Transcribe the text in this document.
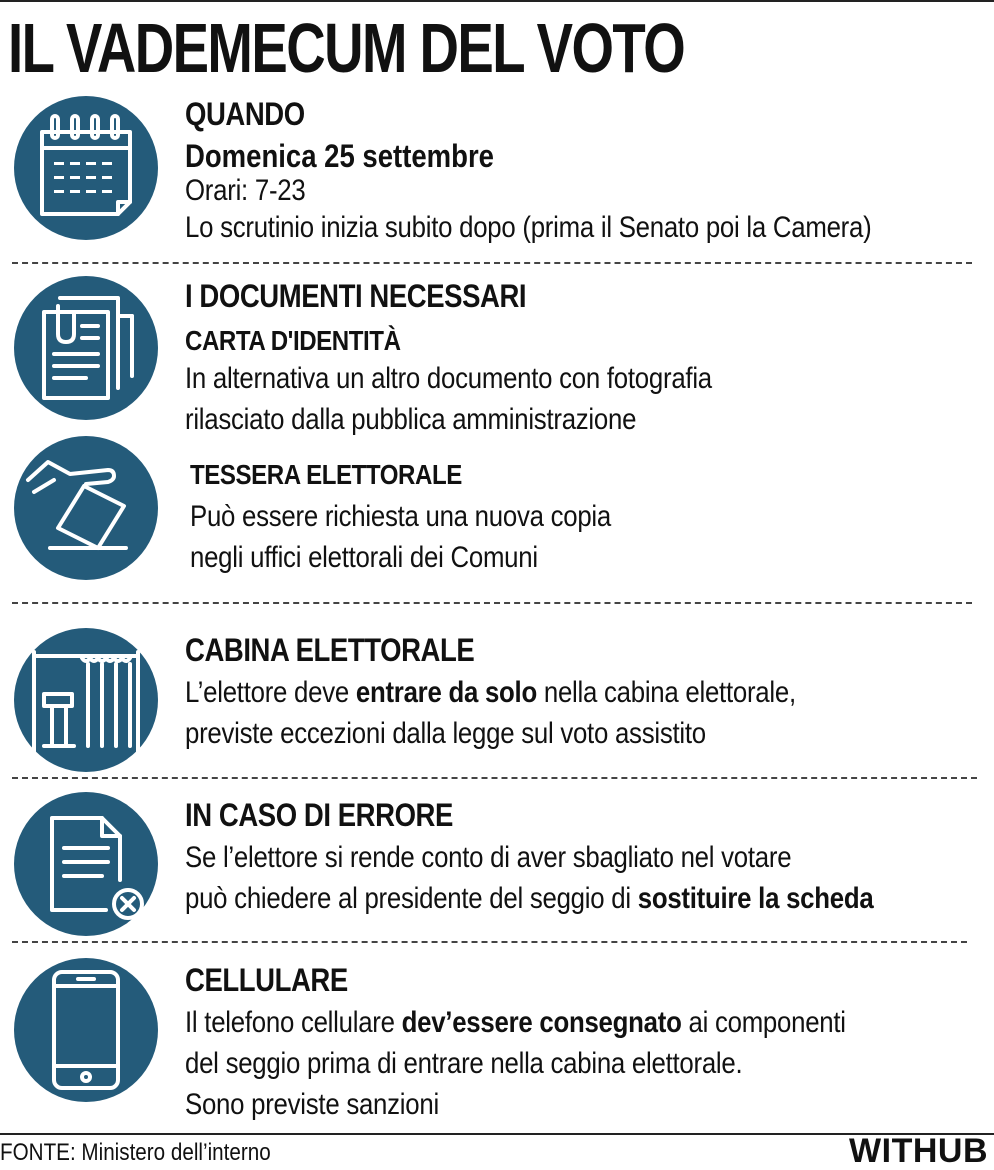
IL VADEMECUM DEL VOTO
QUANDO
Domenica 25 settembre
Orari: 7-23
Lo scrutinio inizia subito dopo (prima il Senato poi la Camera)
I DOCUMENTI NECESSARI
CARTA D'IDENTITÀ
In alternativa un altro documento con fotografia
rilasciato dalla pubblica amministrazione
TESSERA ELETTORALE
Può essere richiesta una nuova copia
negli uffici elettorali dei Comuni
CABINA ELETTORALE
L’elettore deve entrare da solo nella cabina elettorale,
previste eccezioni dalla legge sul voto assistito
IN CASO DI ERRORE
Se l’elettore si rende conto di aver sbagliato nel votare
può chiedere al presidente del seggio di sostituire la scheda
CELLULARE
Il telefono cellulare dev’essere consegnato ai componenti
del seggio prima di entrare nella cabina elettorale.
Sono previste sanzioni
FONTE: Ministero dell’interno	WITHUB
